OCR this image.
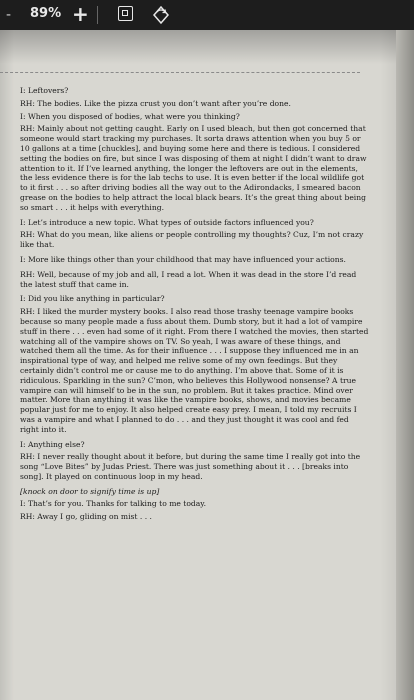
- 89% +

I: Leftovers?

RH: The bodies. Like the pizza crust you don’t want after you’re done.

I: When you disposed of bodies, what were you thinking?

RH: Mainly about not getting caught. Early on I used bleach, but then got concerned that someone would start tracking my purchases. It sorta draws attention when you buy 5 or 10 gallons at a time [chuckles], and buying some here and there is tedious. I considered setting the bodies on fire, but since I was disposing of them at night I didn’t want to draw attention to it. If I’ve learned anything, the longer the leftovers are out in the elements, the less evidence there is for the lab techs to use. It is even better if the local wildlife got to it first . . . so after driving bodies all the way out to the Adirondacks, I smeared bacon grease on the bodies to help attract the local black bears. It’s the great thing about being so smart . . . it helps with everything.

I: Let’s introduce a new topic. What types of outside factors influenced you?

RH: What do you mean, like aliens or people controlling my thoughts? Cuz, I’m not crazy like that.

I: More like things other than your childhood that may have influenced your actions.

RH: Well, because of my job and all, I read a lot. When it was dead in the store I’d read the latest stuff that came in.

I: Did you like anything in particular?

RH: I liked the murder mystery books. I also read those trashy teenage vampire books because so many people made a fuss about them. Dumb story, but it had a lot of vampire stuff in there . . . even had some of it right. From there I watched the movies, then started watching all of the vampire shows on TV. So yeah, I was aware of these things, and watched them all the time. As for their influence . . . I suppose they influenced me in an inspirational type of way, and helped me relive some of my own feedings. But they certainly didn’t control me or cause me to do anything. I’m above that. Some of it is ridiculous. Sparkling in the sun? C’mon, who believes this Hollywood nonsense? A true vampire can will himself to be in the sun, no problem. But it takes practice. Mind over matter. More than anything it was like the vampire books, shows, and movies became popular just for me to enjoy. It also helped create easy prey. I mean, I told my recruits I was a vampire and what I planned to do . . . and they just thought it was cool and fed right into it.

I: Anything else?

RH: I never really thought about it before, but during the same time I really got into the song “Love Bites” by Judas Priest. There was just something about it . . . [breaks into song]. It played on continuous loop in my head.

[knock on door to signify time is up]

I: That’s for you. Thanks for talking to me today.

RH: Away I go, gliding on mist . . .
